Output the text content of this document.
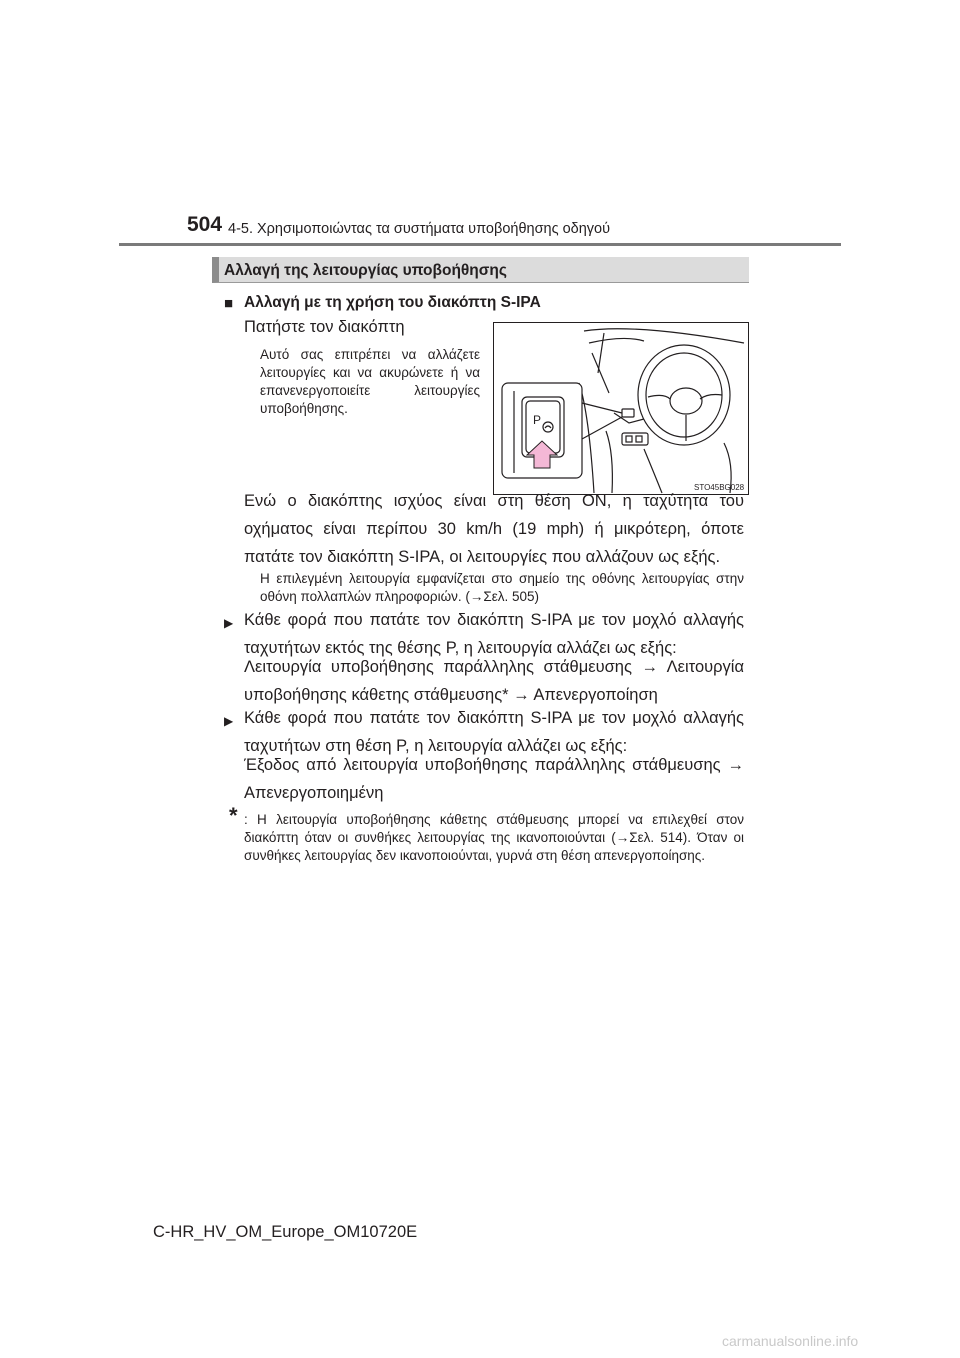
504 4-5. Χρησιμοποιώντας τα συστήματα υποβοήθησης οδηγού
Αλλαγή της λειτουργίας υποβοήθησης
■ Αλλαγή με τη χρήση του διακόπτη S-IPA
Πατήστε τον διακόπτη
Αυτό σας επιτρέπει να αλλάζετε λειτουργίες και να ακυρώνετε ή να επανενεργοποιείτε λειτουργίες υποβοήθησης.
P
STO45BG028
Ενώ ο διακόπτης ισχύος είναι στη θέση ON, η ταχύτητα του οχήματος είναι περίπου 30 km/h (19 mph) ή μικρότερη, όποτε πατάτε τον διακόπτη S-IPA, οι λειτουργίες που αλλάζουν ως εξής.
Η επιλεγμένη λειτουργία εμφανίζεται στο σημείο της οθόνης λειτουργίας στην οθόνη πολλαπλών πληροφοριών. (→Σελ. 505)
▶ Κάθε φορά που πατάτε τον διακόπτη S-IPA με τον μοχλό αλλαγής ταχυτήτων εκτός της θέσης P, η λειτουργία αλλάζει ως εξής:
Λειτουργία υποβοήθησης παράλληλης στάθμευσης → Λειτουργία υποβοήθησης κάθετης στάθμευσης* → Απενεργοποίηση
▶ Κάθε φορά που πατάτε τον διακόπτη S-IPA με τον μοχλό αλλαγής ταχυτήτων στη θέση P, η λειτουργία αλλάζει ως εξής:
Έξοδος από λειτουργία υποβοήθησης παράλληλης στάθμευσης → Απενεργοποιημένη
* : Η λειτουργία υποβοήθησης κάθετης στάθμευσης μπορεί να επιλεχθεί στον διακόπτη όταν οι συνθήκες λειτουργίας της ικανοποιούνται (→Σελ. 514). Όταν οι συνθήκες λειτουργίας δεν ικανοποιούνται, γυρνά στη θέση απενεργοποίησης.
C-HR_HV_OM_Europe_OM10720E
carmanualsonline.info
